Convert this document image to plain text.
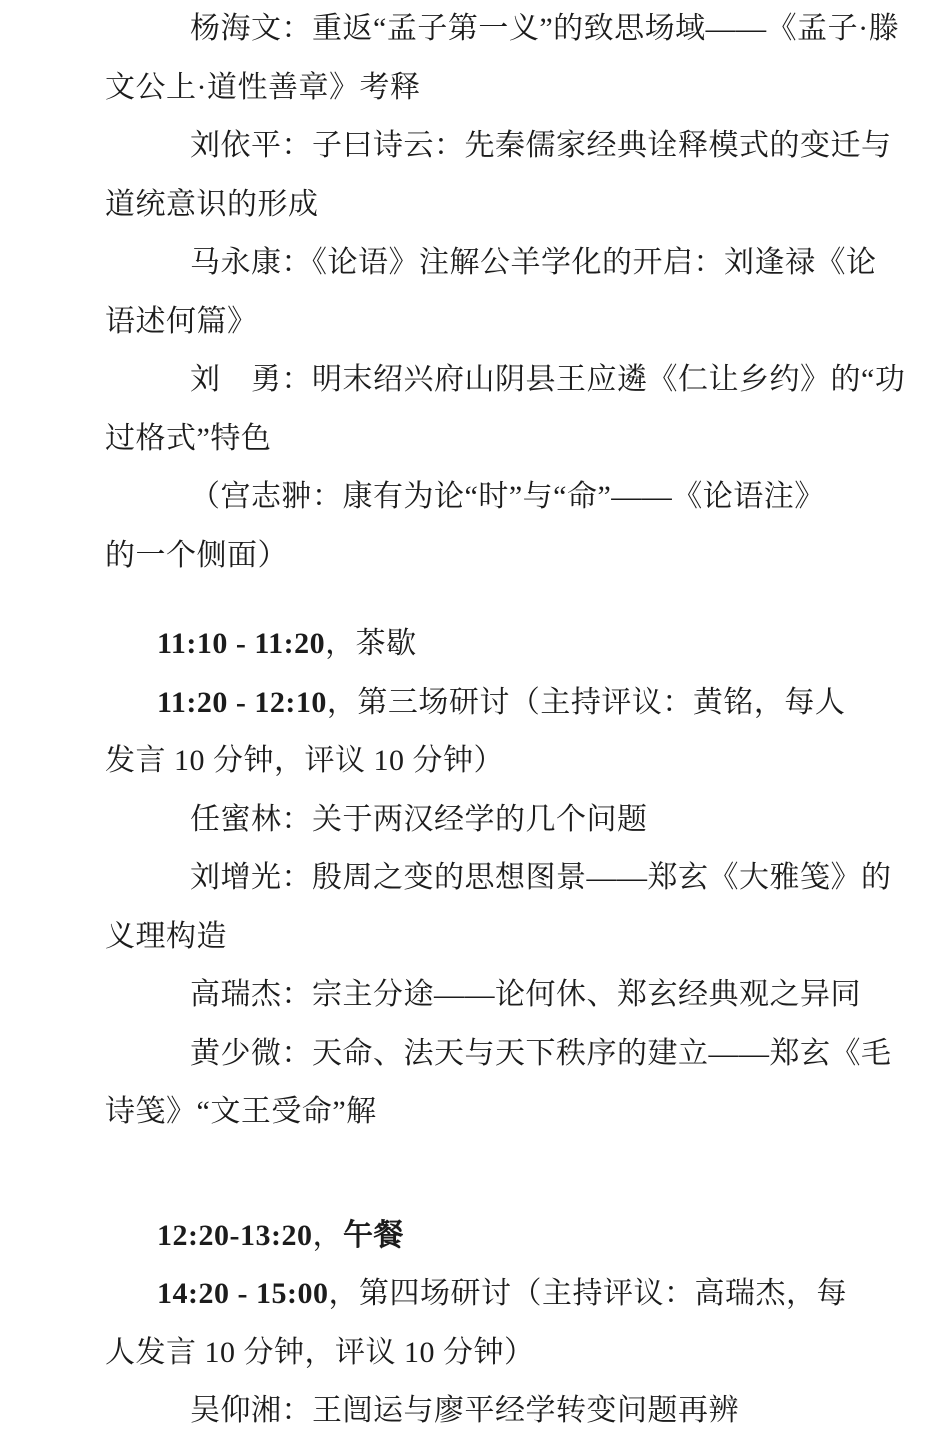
杨海文：重返“孟子第一义”的致思场域——《孟子·滕
文公上·道性善章》考释
刘依平：子曰诗云：先秦儒家经典诠释模式的变迁与
道统意识的形成
马永康：《论语》注解公羊学化的开启：刘逢禄《论
语述何篇》
刘　勇：明末绍兴府山阴县王应遴《仁让乡约》的“功
过格式”特色
（宫志翀：康有为论“时”与“命”——《论语注》
的一个侧面）
11:10 - 11:20，茶歇
11:20 - 12:10，第三场研讨（主持评议：黄铭，每人
发言 10 分钟，评议 10 分钟）
任蜜林：关于两汉经学的几个问题
刘增光：殷周之变的思想图景——郑玄《大雅笺》的
义理构造
高瑞杰：宗主分途——论何休、郑玄经典观之异同
黄少微：天命、法天与天下秩序的建立——郑玄《毛
诗笺》“文王受命”解
12:20-13:20，午餐
14:20 - 15:00，第四场研讨（主持评议：高瑞杰，每
人发言 10 分钟，评议 10 分钟）
吴仰湘：王闿运与廖平经学转变问题再辨
